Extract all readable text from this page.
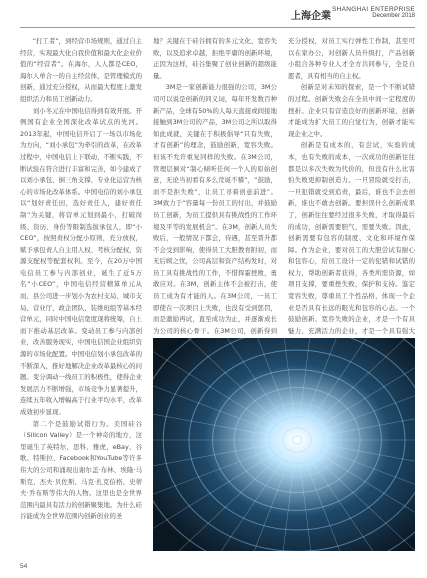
SHANGHAI ENTERPRISE
December 2018
上海企業

“打工者”，到经营市场规则，通过自主经营，实现最大化自我价值和最大化企业价值的“经营者”。在海尔，人人都是CEO，海尔人单合一的自主经营体，是管理模式的创新，通过充分授权，从而最大程度上激发组织活力和员工创新动力。

刘小冬元在中国电信得到有效开展。开例国有企业全国深化改革试点的先河。2013年起，中国电信开启了一场以市场化为方向，“刘小承包”为牵引的改革，在改革过程中，中国电信上下联动，不断实践，不断试验在符合进行丰富和完善，如今建成了以刘小承包、倒三角支撑、专业化运营为核心的市场化改革体系。中国电信的刘小承包以“划好责任田，选好责任人，建好责任制”为关键，将营单元划到最小，打破岗级、资历、身份等限制选拔承包人，即“小CEO”，按照责权分配小原则，充分放权，赋予承包责人自主用人权、考核分配权、资源支配权等配套权利。至今，在20万中国电信员工参与内部创业，诞生了近5万名“小CEO”，中国电信经营精算单元从而、县公司进一步划小为农村支局、城市支局、营业厅、政企团队、装维班组等基本经营单元，同时中国电信宽度现将统筹，自上而下推动基层改革。变动员工参与内部创业，改善服务现实，中国电信国企业组织资源的市场化配置。中国电信划小承包改革的不断深入，推好地解决企业改革最核心的问题。变分调动一线员工的积极性，使得企业发展活力不断增强，市场竞争力显著提升，连续五年收入增幅高于行业平均水平，改革成效初步显现。

第二个是鼓励试错行为。美国硅谷（Silicon Valley）是一个神奇的地方，这里诞生了英特尔、思科、雅虎、eBay、谷歌、特斯拉、Facebook和YouTube等许多伟大的公司和涌现出谢尔盖·布林、埃隆·马斯克、杰夫·贝佐斯、马克·扎克伯格、史蒂夫·乔布斯等伟大的人物。这里也是全世界范围内最具有活力的创新聚集地。为什么硅谷能成为全世界范围内创新创业的圣

地？关键在于硅谷拥有的多元文化、宽容失败，以及追求卓越，拒绝平庸的创新环境，正因为这样，硅谷集聚了创业创新的超级能量。

3M是一家创新能力很强的公司，3M公司可以说是创新的同义词，每年开发数百种新产品，全球有50%的人每天直接或间接地接触到3M公司的产品，3M公司之所以取得如此成就，关键在于积极倡导“只有失败，才有创新”的理念，鼓励创新，宽容失败。但该不允许重复同样的失败。在3M公司，管理层倒对“制心倾听任何一个人的原始创意，无论当初看有多么荒诞不稽”，“鼓励，而不是拒失败”，让员工寻着创意前进”。3M致力于“容量每一份员工的付出，并鼓励员工创新，为员工提供具有挑战性的工作环境及平等的发展机会”。在3M，创新人员失败后，一般情况下都会，待遇，甚至晋升都不会受到影响，使得员工大胆教育附初，而无后顾之忧，公司高层和资产结构发时，对员工具有挑战性的工作，不惜挥霍挫败，勇敢应对。在3M，创新主体不会被打击，使员工成为有才能的人。在3M公司，一员工即使在一次项目上失败，也没有受到惩罚，而是激励再试，直至成功为止，并逐渐成长为公司的核心骨干。在3M公司，创新得到

充分授权，对员工实行弹性工作制，甚至可以在家办公，对创新人员升级打，产品创新小组合各种专业人才全方共同参与，全是自愿者，具有相当的自主权。

创新是对未知的探索，是一个不断试错的过程。创新失败会在全员中间一定程度的挫折。企业只有营造良好的创新环境，创新才能成为扩大员工的自觉行为，创新才能实现企业之中。

创新是有成本的，有尝试，实验的成本，也有失败的成本，一次成功的创新往往都是以多次失败为代价的，但没有什么比害怕失败更抑制创造力。一旦冒险就受打击，一旦犯错就受到追责，最后，谁也不会去创新，谁也不敢去创新。要担误什么创新成果了，创新往往要经过很多失败，才取得最后的成功，创新需要胆气，需要失败。因此，创新需要有包容的制度、文化和环境作保障。作为企业，要对员工的大胆尝试有耐心和包容心，给员工设计一定的犯错和试错的权力，帮助创新者获得，各类所需资源，如项目支撑，要重挫失败，保护和支持。鉴定宽容失败，尊重员工个性品格，体现一个企业是否具有长远的眼光和包容的心态。一个鼓励创新、宽容失败的企业，才是一个有具魅力、充满活力的企业，才是一个具有强大

54
